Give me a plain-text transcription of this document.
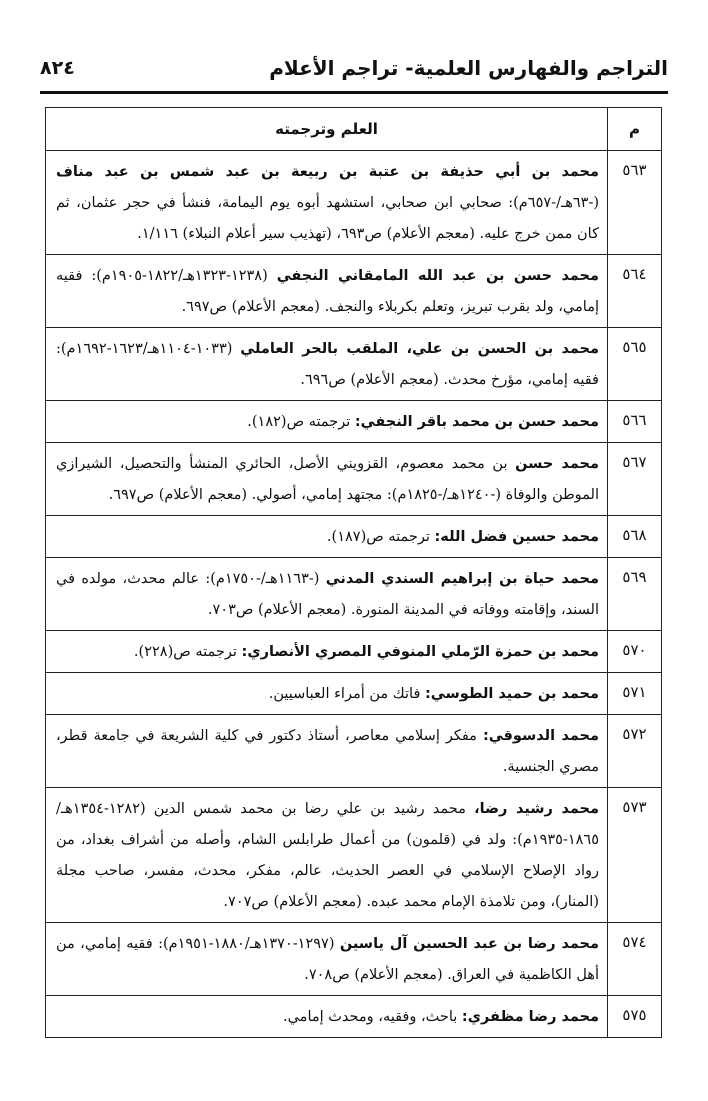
التراجم والفهارس العلمية- تراجم الأعلام
٨٢٤
م	العلم وترجمته
٥٦٣	محمد بن أبي حذيفة بن عتبة بن ربيعة بن عبد شمس بن عبد مناف (-٦٣هـ/-٦٥٧م): صحابي ابن صحابي، استشهد أبوه يوم اليمامة، فنشأ في حجر عثمان، ثم كان ممن خرج عليه. (معجم الأعلام) ص٦٩٣، (تهذيب سير أعلام النبلاء) ١/١١٦.
٥٦٤	محمد حسن بن عبد الله المامقاني النجفي (١٢٣٨-١٣٢٣هـ/١٨٢٢-١٩٠٥م): فقيه إمامي، ولد بقرب تبريز، وتعلم بكربلاء والنجف. (معجم الأعلام) ص٦٩٧.
٥٦٥	محمد بن الحسن بن علي، الملقب بالحر العاملي (١٠٣٣-١١٠٤هـ/١٦٢٣-١٦٩٢م): فقيه إمامي، مؤرخ محدث. (معجم الأعلام) ص٦٩٦.
٥٦٦	محمد حسن بن محمد باقر النجفي: ترجمته ص(١٨٢).
٥٦٧	محمد حسن بن محمد معصوم، القزويني الأصل، الحائري المنشأ والتحصيل، الشيرازي الموطن والوفاة (-١٢٤٠هـ/-١٨٢٥م): مجتهد إمامي، أصولي. (معجم الأعلام) ص٦٩٧.
٥٦٨	محمد حسين فضل الله: ترجمته ص(١٨٧).
٥٦٩	محمد حياة بن إبراهيم السندي المدني (-١١٦٣هـ/-١٧٥٠م): عالم محدث، مولده في السند، وإقامته ووفاته في المدينة المنورة. (معجم الأعلام) ص٧٠٣.
٥٧٠	محمد بن حمزة الرّملي المنوفي المصري الأنصاري: ترجمته ص(٢٢٨).
٥٧١	محمد بن حميد الطوسي: فاتك من أمراء العباسيين.
٥٧٢	محمد الدسوقي: مفكر إسلامي معاصر، أستاذ دكتور في كلية الشريعة في جامعة قطر، مصري الجنسية.
٥٧٣	محمد رشيد رضا، محمد رشيد بن علي رضا بن محمد شمس الدين (١٢٨٢-١٣٥٤هـ/١٨٦٥-١٩٣٥م): ولد في (قلمون) من أعمال طرابلس الشام، وأصله من أشراف بغداد، من رواد الإصلاح الإسلامي في العصر الحديث، عالم، مفكر، محدث، مفسر، صاحب مجلة (المنار)، ومن تلامذة الإمام محمد عبده. (معجم الأعلام) ص٧٠٧.
٥٧٤	محمد رضا بن عبد الحسين آل ياسين (١٢٩٧-١٣٧٠هـ/١٨٨٠-١٩٥١م): فقيه إمامي، من أهل الكاظمية في العراق. (معجم الأعلام) ص٧٠٨.
٥٧٥	محمد رضا مظفري: باحث، وفقيه، ومحدث إمامي.
